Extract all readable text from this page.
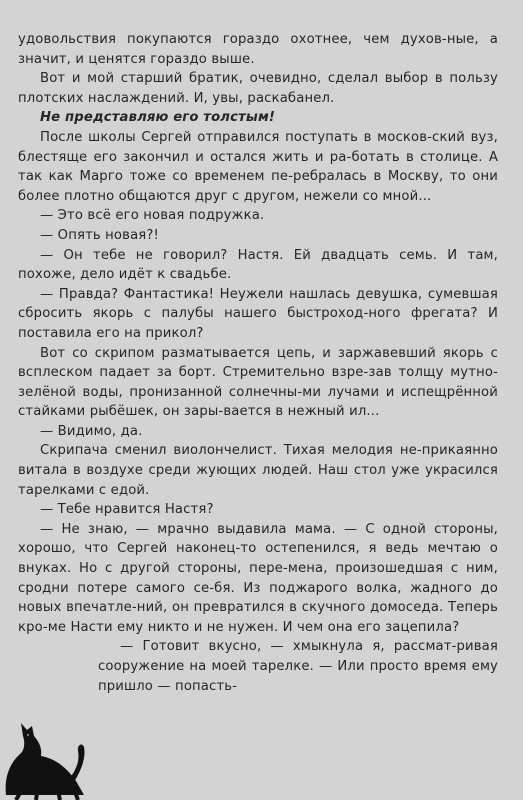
удовольствия покупаются гораздо охотнее, чем духов-ные, а значит, и ценятся гораздо выше.

Вот и мой старший братик, очевидно, сделал выбор в пользу плотских наслаждений. И, увы, раскабанел.

Не представляю его толстым!

После школы Сергей отправился поступать в москов-ский вуз, блестяще его закончил и остался жить и ра-ботать в столице. А так как Марго тоже со временем пе-ребралась в Москву, то они более плотно общаются друг с другом, нежели со мной...

— Это всё его новая подружка.

— Опять новая?!

— Он тебе не говорил? Настя. Ей двадцать семь. И там, похоже, дело идёт к свадьбе.

— Правда? Фантастика! Неужели нашлась девушка, сумевшая сбросить якорь с палубы нашего быстроход-ного фрегата? И поставила его на прикол?

Вот со скрипом разматывается цепь, и заржавевший якорь с всплеском падает за борт. Стремительно взре-зав толщу мутно-зелёной воды, пронизанной солнечны-ми лучами и испещрённой стайками рыбёшек, он зары-вается в нежный ил...

— Видимо, да.

Скрипача сменил виолончелист. Тихая мелодия не-прикаянно витала в воздухе среди жующих людей. Наш стол уже украсился тарелками с едой.

— Тебе нравится Настя?

— Не знаю, — мрачно выдавила мама. — С одной стороны, хорошо, что Сергей наконец-то остепенился, я ведь мечтаю о внуках. Но с другой стороны, пере-мена, произошедшая с ним, сродни потере самого се-бя. Из поджарого волка, жадного до новых впечатле-ний, он превратился в скучного домоседа. Теперь кро-ме Насти ему никто и не нужен. И чем она его зацепила?

— Готовит вкусно, — хмыкнула я, рассмат-ривая сооружение на моей тарелке. — Или просто время ему пришло — попасть-
